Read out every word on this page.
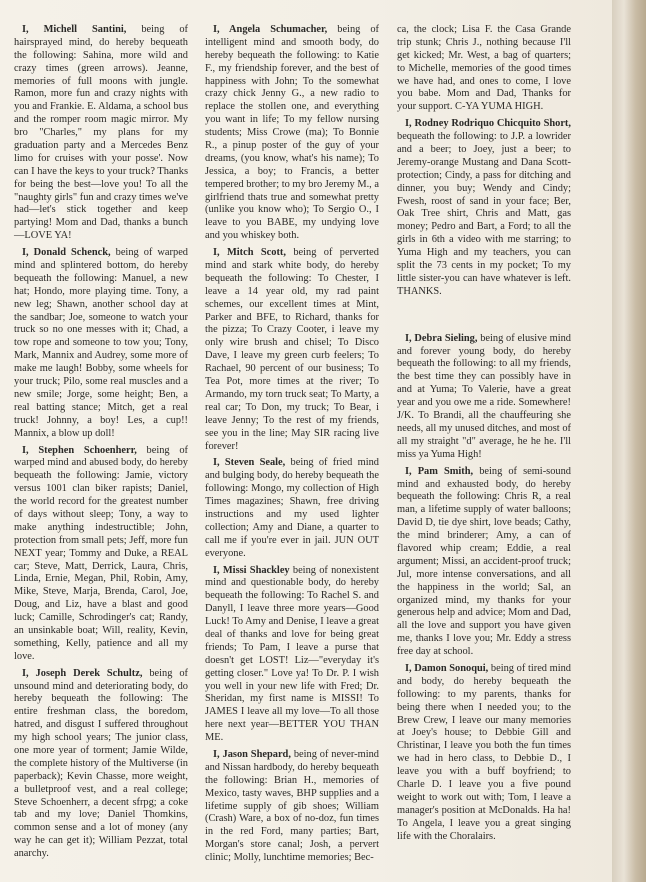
I, Michell Santini, being of hairsprayed mind, do hereby bequeath the following: Sahina, more wild and crazy times (green arrows). Jeanne, memories of full moons with jungle. Ramon, more fun and crazy nights with you and Frankie. E. Aldama, a school bus and the romper room magic mirror. My bro "Charles," my plans for my graduation party and a Mercedes Benz limo for cruises with your posse'. Now can I have the keys to your truck? Thanks for being the best—love you! To all the "naughty girls" fun and crazy times we've had—let's stick together and keep partying! Mom and Dad, thanks a bunch—LOVE YA!

I, Donald Schenck, being of warped mind and splintered bottom, do hereby bequeath the following: Manuel, a new hat; Hondo, more playing time. Tony, a new leg; Shawn, another school day at the sandbar; Joe, someone to watch your truck so no one messes with it; Chad, a tow rope and someone to tow you; Tony, Mark, Mannix and Audrey, some more of make me laugh! Bobby, some wheels for your truck; Pilo, some real muscles and a new smile; Jorge, some height; Ben, a real batting stance; Mitch, get a real truck! Johnny, a boy! Les, a cup!! Mannix, a blow up doll!

I, Stephen Schoenherr, being of warped mind and abused body, do hereby bequeath the following: Jamie, victory versus 1001 clan biker rapists; Daniel, the world record for the greatest number of days without sleep; Tony, a way to make anything indestructible; John, protection from small pets; Jeff, more fun NEXT year; Tommy and Duke, a REAL car; Steve, Matt, Derrick, Laura, Chris, Linda, Ernie, Megan, Phil, Robin, Amy, Mike, Steve, Marja, Brenda, Carol, Joe, Doug, and Liz, have a blast and good luck; Camille, Schrodinger's cat; Randy, an unsinkable boat; Will, reality, Kevin, something, Kelly, patience and all my love.

I, Joseph Derek Schultz, being of unsound mind and deteriorating body, do hereby bequeath the following: The entire freshman class, the boredom, hatred, and disgust I suffered throughout my high school years; The junior class, one more year of torment; Jamie Wilde, the complete history of the Multiverse (in paperback); Kevin Chasse, more weight, a bulletproof vest, and a real college; Steve Schoenherr, a decent sfrpg; a coke tab and my love; Daniel Thomkins, common sense and a lot of money (any way he can get it); William Pezzat, total anarchy.

I, Angela Schumacher, being of intelligent mind and smooth body, do hereby bequeath the following: to Katie F., my friendship forever, and the best of happiness with John; To the somewhat crazy chick Jenny G., a new radio to replace the stollen one, and everything you want in life; To my fellow nursing students; Miss Crowe (ma); To Bonnie R., a pinup poster of the guy of your dreams, (you know, what's his name); To Jessica, a boy; to Francis, a better tempered brother; to my bro Jeremy M., a girlfriend thats true and somewhat pretty (unlike you know who); To Sergio O., I leave to you BABE, my undying love and you whiskey both.

I, Mitch Scott, being of perverted mind and stark white body, do hereby bequeath the following: To Chester, I leave a 14 year old, my rad paint schemes, our excellent times at Mint, Parker and BFE, to Richard, thanks for the pizza; To Crazy Cooter, i leave my only wire brush and chisel; To Disco Dave, I leave my green curb feelers; To Rachael, 90 percent of our business; To Tea Pot, more times at the river; To Armando, my torn truck seat; To Marty, a real car; To Don, my truck; To Bear, i leave Jenny; To the rest of my friends, see you in the line; May SIR racing live forever!

I, Steven Seale, being of fried mind and bulging body, do hereby bequeath the following: Mongo, my collection of High Times magazines; Shawn, free driving instructions and my used lighter collection; Amy and Diane, a quarter to call me if you're ever in jail. JUN OUT everyone.

I, Missi Shackley being of nonexistent mind and questionable body, do hereby bequeath the following: To Rachel S. and Danyll, I leave three more years—Good Luck! To Amy and Denise, I leave a great deal of thanks and love for being great friends; To Pam, I leave a purse that doesn't get LOST! Liz—"everyday it's getting closer." Love ya! To Dr. P. I wish you well in your new life with Fred; Dr. Sheridan, my first name is MISSI! To JAMES I leave all my love—To all those here next year—BETTER YOU THAN ME.

I, Jason Shepard, being of never-mind and Nissan hardbody, do hereby bequeath the following: Brian H., memories of Mexico, tasty waves, BHP supplies and a lifetime supply of gib shoes; William (Crash) Ware, a box of no-doz, fun times in the red Ford, many parties; Bart, Morgan's store canal; Josh, a pervert clinic; Molly, lunchtime memories; Bec-

ca, the clock; Lisa F. the Casa Grande trip stunk; Chris J., nothing because I'll get kicked; Mr. West, a bag of quarters; to Michelle, memories of the good times we have had, and ones to come, I love you babe. Mom and Dad, Thanks for your support. C-YA YUMA HIGH.

I, Rodney Rodriquo Chicquito Short, bequeath the following: to J.P. a lowrider and a beer; to Joey, just a beer; to Jeremy-orange Mustang and Dana Scott-protection; Cindy, a pass for ditching and dinner, you buy; Wendy and Cindy; Fwesh, roost of sand in your face; Ber, Oak Tree shirt, Chris and Matt, gas money; Pedro and Bart, a Ford; to all the girls in 6th a video with me starring; to Yuma High and my teachers, you can split the 73 cents in my pocket; To my little sister-you can have whatever is left. THANKS.

I, Debra Sieling, being of elusive mind and forever young body, do hereby bequeath the following: to all my friends, the best time they can possibly have in and at Yuma; To Valerie, have a great year and you owe me a ride. Somewhere! J/K. To Brandi, all the chauffeuring she needs, all my unused ditches, and most of all my straight "d" average, he he he. I'll miss ya Yuma High!

I, Pam Smith, being of semi-sound mind and exhausted body, do hereby bequeath the following: Chris R, a real man, a lifetime supply of water balloons; David D, tie dye shirt, love beads; Cathy, the mind brinderer; Amy, a can of flavored whip cream; Eddie, a real argument; Missi, an accident-proof truck; Jul, more intense conversations, and all the happiness in the world; Sal, an organized mind, my thanks for your generous help and advice; Mom and Dad, all the love and support you have given me, thanks I love you; Mr. Eddy a stress free day at school.

I, Damon Sonoqui, being of tired mind and body, do hereby bequeath the following: to my parents, thanks for being there when I needed you; to the Brew Crew, I leave our many memories at Joey's house; to Debbie Gill and Christinar, I leave you both the fun times we had in hero class, to Debbie D., I leave you with a buff boyfriend; to Charle D. I leave you a five pound weight to work out with; Tom, I leave a manager's position at McDonalds. Ha ha! To Angela, I leave you a great singing life with the Choralairs.
